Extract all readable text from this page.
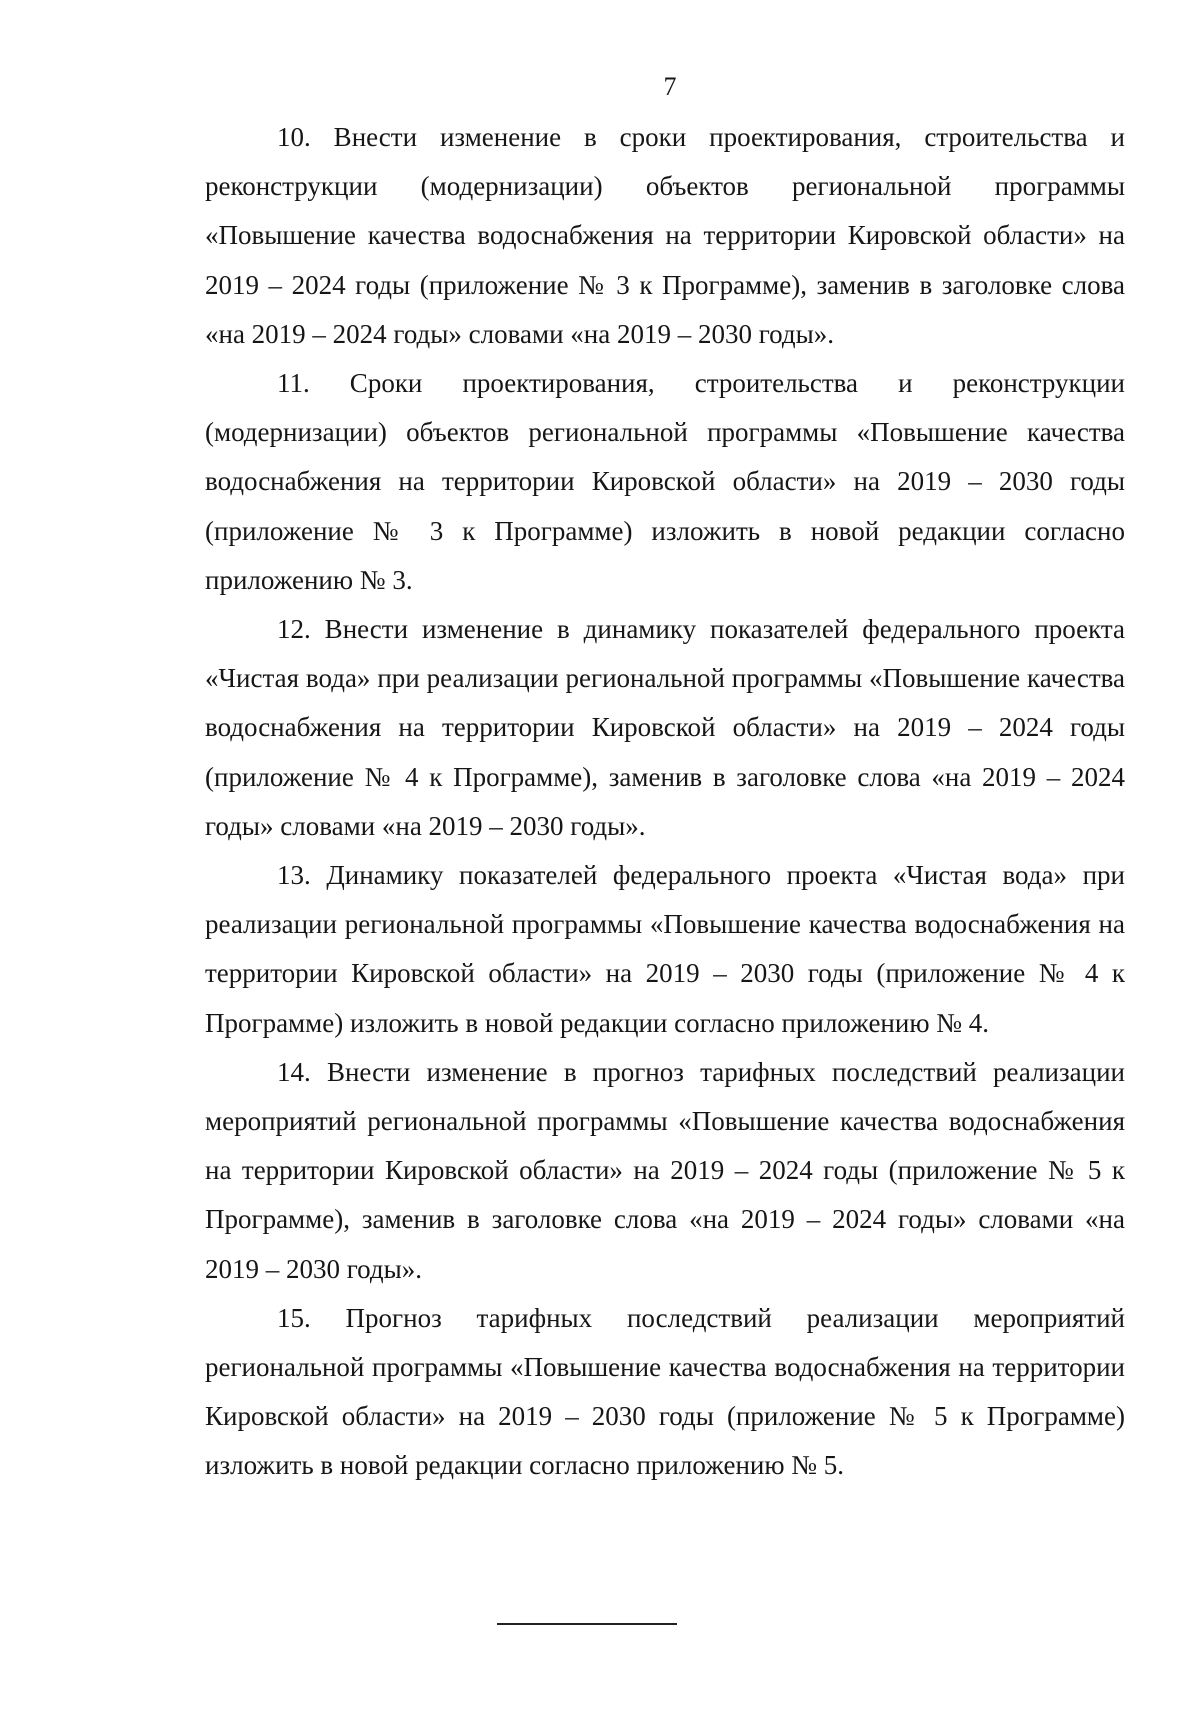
7

10. Внести изменение в сроки проектирования, строительства и реконструкции (модернизации) объектов региональной программы «Повышение качества водоснабжения на территории Кировской области» на 2019 – 2024 годы (приложение № 3 к Программе), заменив в заголовке слова «на 2019 – 2024 годы» словами «на 2019 – 2030 годы».

11. Сроки проектирования, строительства и реконструкции (модернизации) объектов региональной программы «Повышение качества водоснабжения на территории Кировской области» на 2019 – 2030 годы (приложение № 3 к Программе) изложить в новой редакции согласно приложению № 3.

12. Внести изменение в динамику показателей федерального проекта «Чистая вода» при реализации региональной программы «Повышение качества водоснабжения на территории Кировской области» на 2019 – 2024 годы (приложение № 4 к Программе), заменив в заголовке слова «на 2019 – 2024 годы» словами «на 2019 – 2030 годы».

13. Динамику показателей федерального проекта «Чистая вода» при реализации региональной программы «Повышение качества водоснабжения на территории Кировской области» на 2019 – 2030 годы (приложение № 4 к Программе) изложить в новой редакции согласно приложению № 4.

14. Внести изменение в прогноз тарифных последствий реализации мероприятий региональной программы «Повышение качества водоснабжения на территории Кировской области» на 2019 – 2024 годы (приложение № 5 к Программе), заменив в заголовке слова «на 2019 – 2024 годы» словами «на 2019 – 2030 годы».

15. Прогноз тарифных последствий реализации мероприятий региональной программы «Повышение качества водоснабжения на территории Кировской области» на 2019 – 2030 годы (приложение № 5 к Программе) изложить в новой редакции согласно приложению № 5.
